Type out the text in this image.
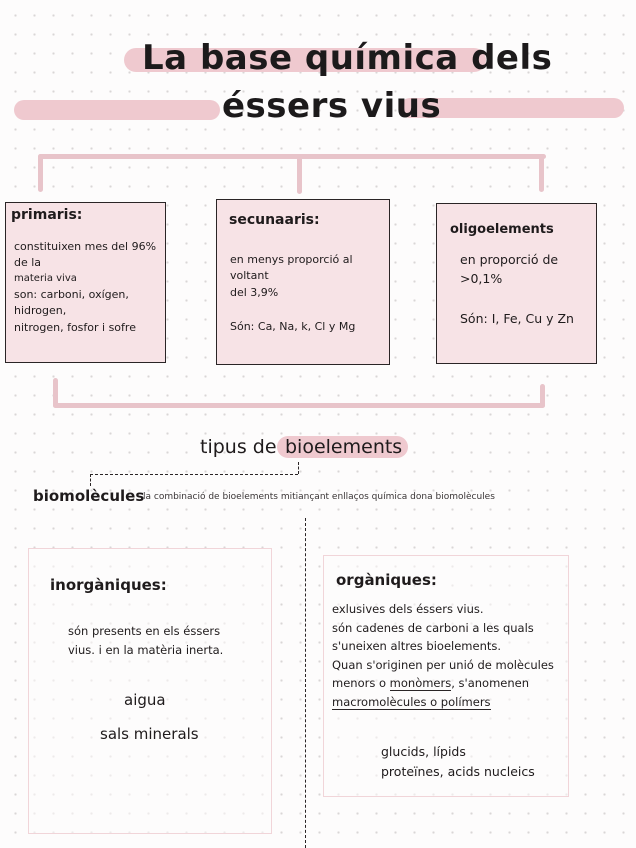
La base química dels
éssers vius
primaris:
constituixen mes del 96%
de la
materia viva
son: carboni, oxígen,
hidrogen,
nitrogen, fosfor i sofre
secunaaris:
en menys proporció al
voltant
del 3,9%
Són: Ca, Na, k, Cl y Mg
oligoelements
en proporció de
>0,1%
Són: I, Fe, Cu y Zn
tipus de bioelements
biomolècules
la combinació de bioelements mitiançant enllaços química dona biomolècules
inorgàniques:
són presents en els éssers
vius. i en la matèria inerta.
aigua
sals minerals
orgàniques:
exlusives dels éssers vius.
són cadenes de carboni a les quals
s'uneixen altres bioelements.
Quan s'originen per unió de molècules
menors o monòmers, s'anomenen
macromolècules o polímers
glucids, lípids
proteïnes, acids nucleics
